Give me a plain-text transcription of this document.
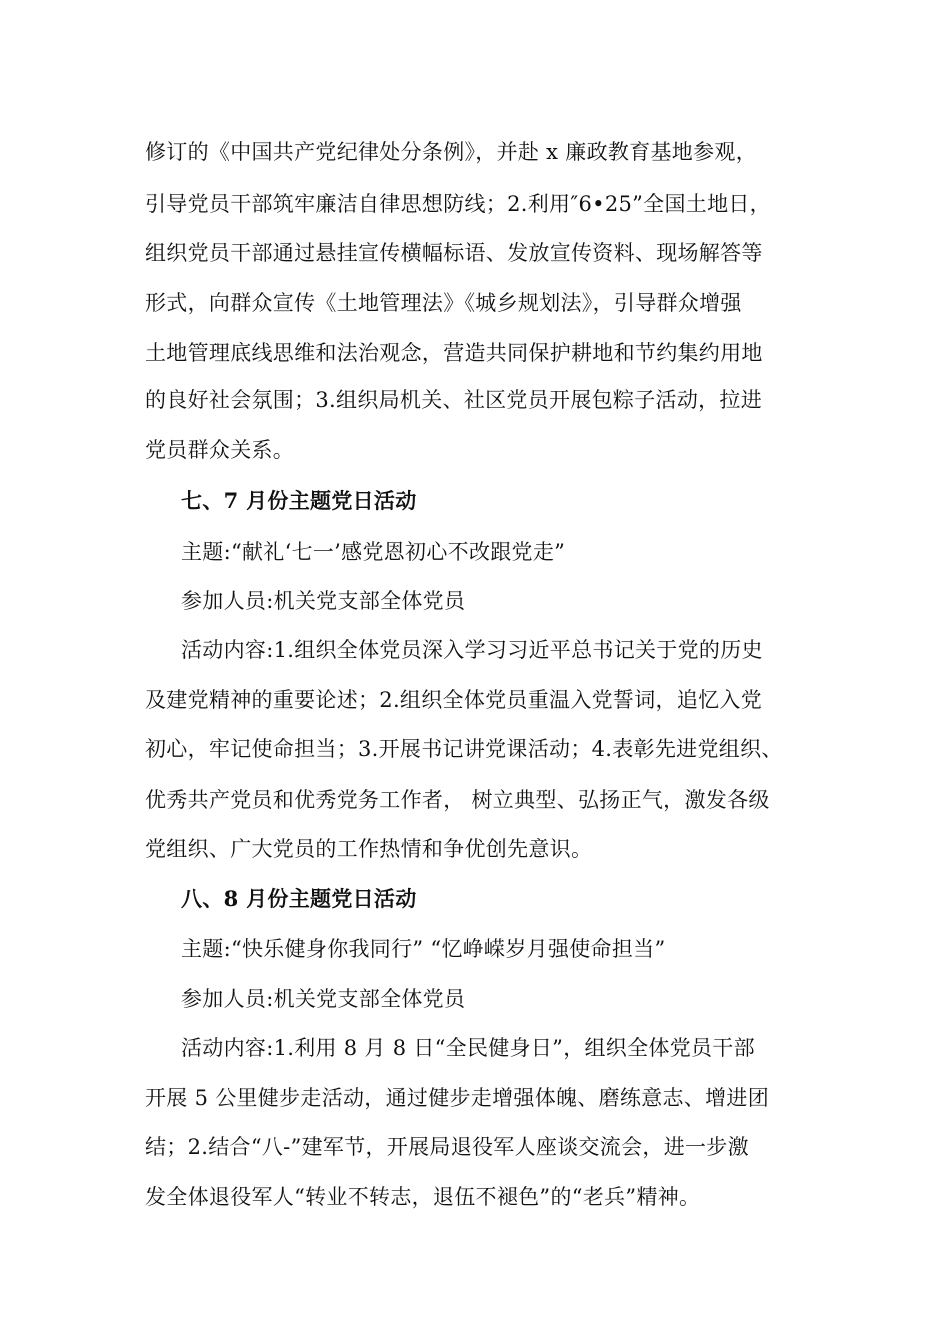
修订的《中国共产党纪律处分条例》，并赴 x 廉政教育基地参观，
引导党员干部筑牢廉洁自律思想防线；2.利用″6•25”全国土地日，
组织党员干部通过悬挂宣传横幅标语、发放宣传资料、现场解答等
形式，向群众宣传《土地管理法》《城乡规划法》，引导群众增强
土地管理底线思维和法治观念，营造共同保护耕地和节约集约用地
的良好社会氛围；3.组织局机关、社区党员开展包粽子活动，拉进
党员群众关系。
七、7 月份主题党日活动
主题:“献礼‘七一’感党恩初心不改跟党走”
参加人员:机关党支部全体党员
活动内容:1.组织全体党员深入学习习近平总书记关于党的历史
及建党精神的重要论述；2.组织全体党员重温入党誓词，追忆入党
初心，牢记使命担当；3.开展书记讲党课活动；4.表彰先进党组织、
优秀共产党员和优秀党务工作者， 树立典型、弘扬正气，激发各级
党组织、广大党员的工作热情和争优创先意识。
八、8 月份主题党日活动
主题:“快乐健身你我同行” “忆峥嵘岁月强使命担当”
参加人员:机关党支部全体党员
活动内容:1.利用 8 月 8 日“全民健身日”，组织全体党员干部
开展 5 公里健步走活动，通过健步走增强体魄、磨练意志、增进团
结；2.结合“八-”建军节，开展局退役军人座谈交流会，进一步激
发全体退役军人“转业不转志，退伍不褪色”的“老兵”精神。
